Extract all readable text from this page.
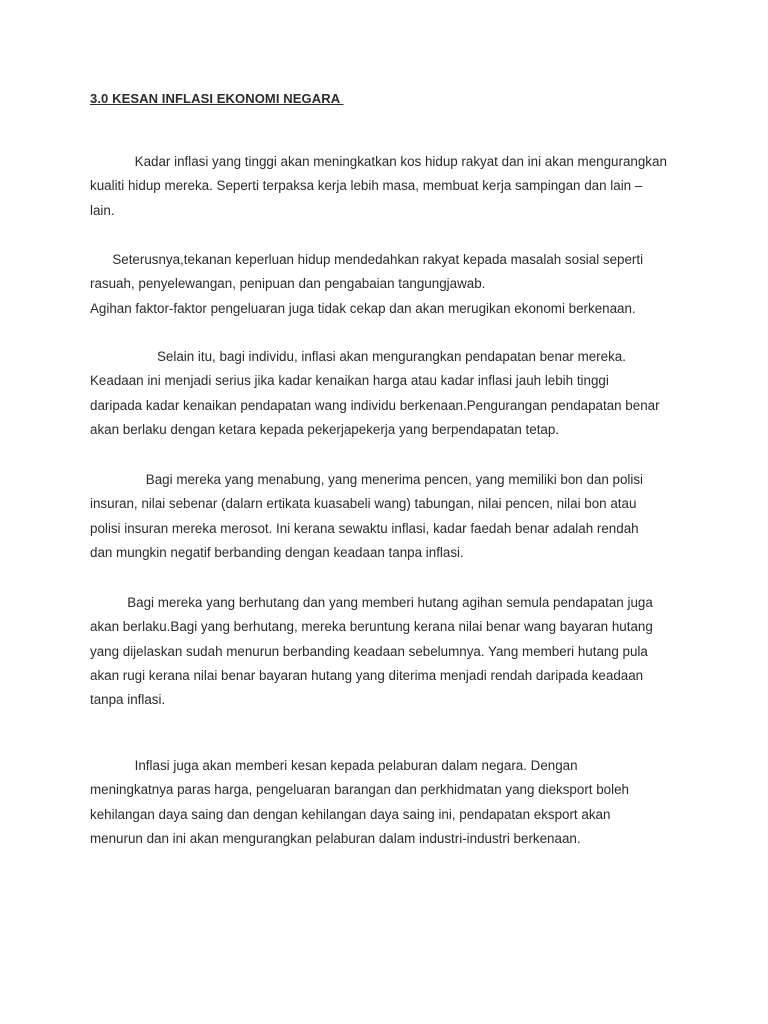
3.0 KESAN INFLASI EKONOMI NEGARA
Kadar inflasi yang tinggi akan meningkatkan kos hidup rakyat dan ini akan mengurangkan
kualiti hidup mereka. Seperti terpaksa kerja lebih masa, membuat kerja sampingan dan lain –
lain.
Seterusnya,tekanan keperluan hidup mendedahkan rakyat kepada masalah sosial seperti
rasuah, penyelewangan, penipuan dan pengabaian tangungjawab.
Agihan faktor-faktor pengeluaran juga tidak cekap dan akan merugikan ekonomi berkenaan.
Selain itu, bagi individu, inflasi akan mengurangkan pendapatan benar mereka.
Keadaan ini menjadi serius jika kadar kenaikan harga atau kadar inflasi jauh lebih tinggi
daripada kadar kenaikan pendapatan wang individu berkenaan.Pengurangan pendapatan benar
akan berlaku dengan ketara kepada pekerjapekerja yang berpendapatan tetap.
Bagi mereka yang menabung, yang menerima pencen, yang memiliki bon dan polisi
insuran, nilai sebenar (dalarn ertikata kuasabeli wang) tabungan, nilai pencen, nilai bon atau
polisi insuran mereka merosot. Ini kerana sewaktu inflasi, kadar faedah benar adalah rendah
dan mungkin negatif berbanding dengan keadaan tanpa inflasi.
Bagi mereka yang berhutang dan yang memberi hutang agihan semula pendapatan juga
akan berlaku.Bagi yang berhutang, mereka beruntung kerana nilai benar wang bayaran hutang
yang dijelaskan sudah menurun berbanding keadaan sebelumnya. Yang memberi hutang pula
akan rugi kerana nilai benar bayaran hutang yang diterima menjadi rendah daripada keadaan
tanpa inflasi.
Inflasi juga akan memberi kesan kepada pelaburan dalam negara. Dengan
meningkatnya paras harga, pengeluaran barangan dan perkhidmatan yang dieksport boleh
kehilangan daya saing dan dengan kehilangan daya saing ini, pendapatan eksport akan
menurun dan ini akan mengurangkan pelaburan dalam industri-industri berkenaan.
